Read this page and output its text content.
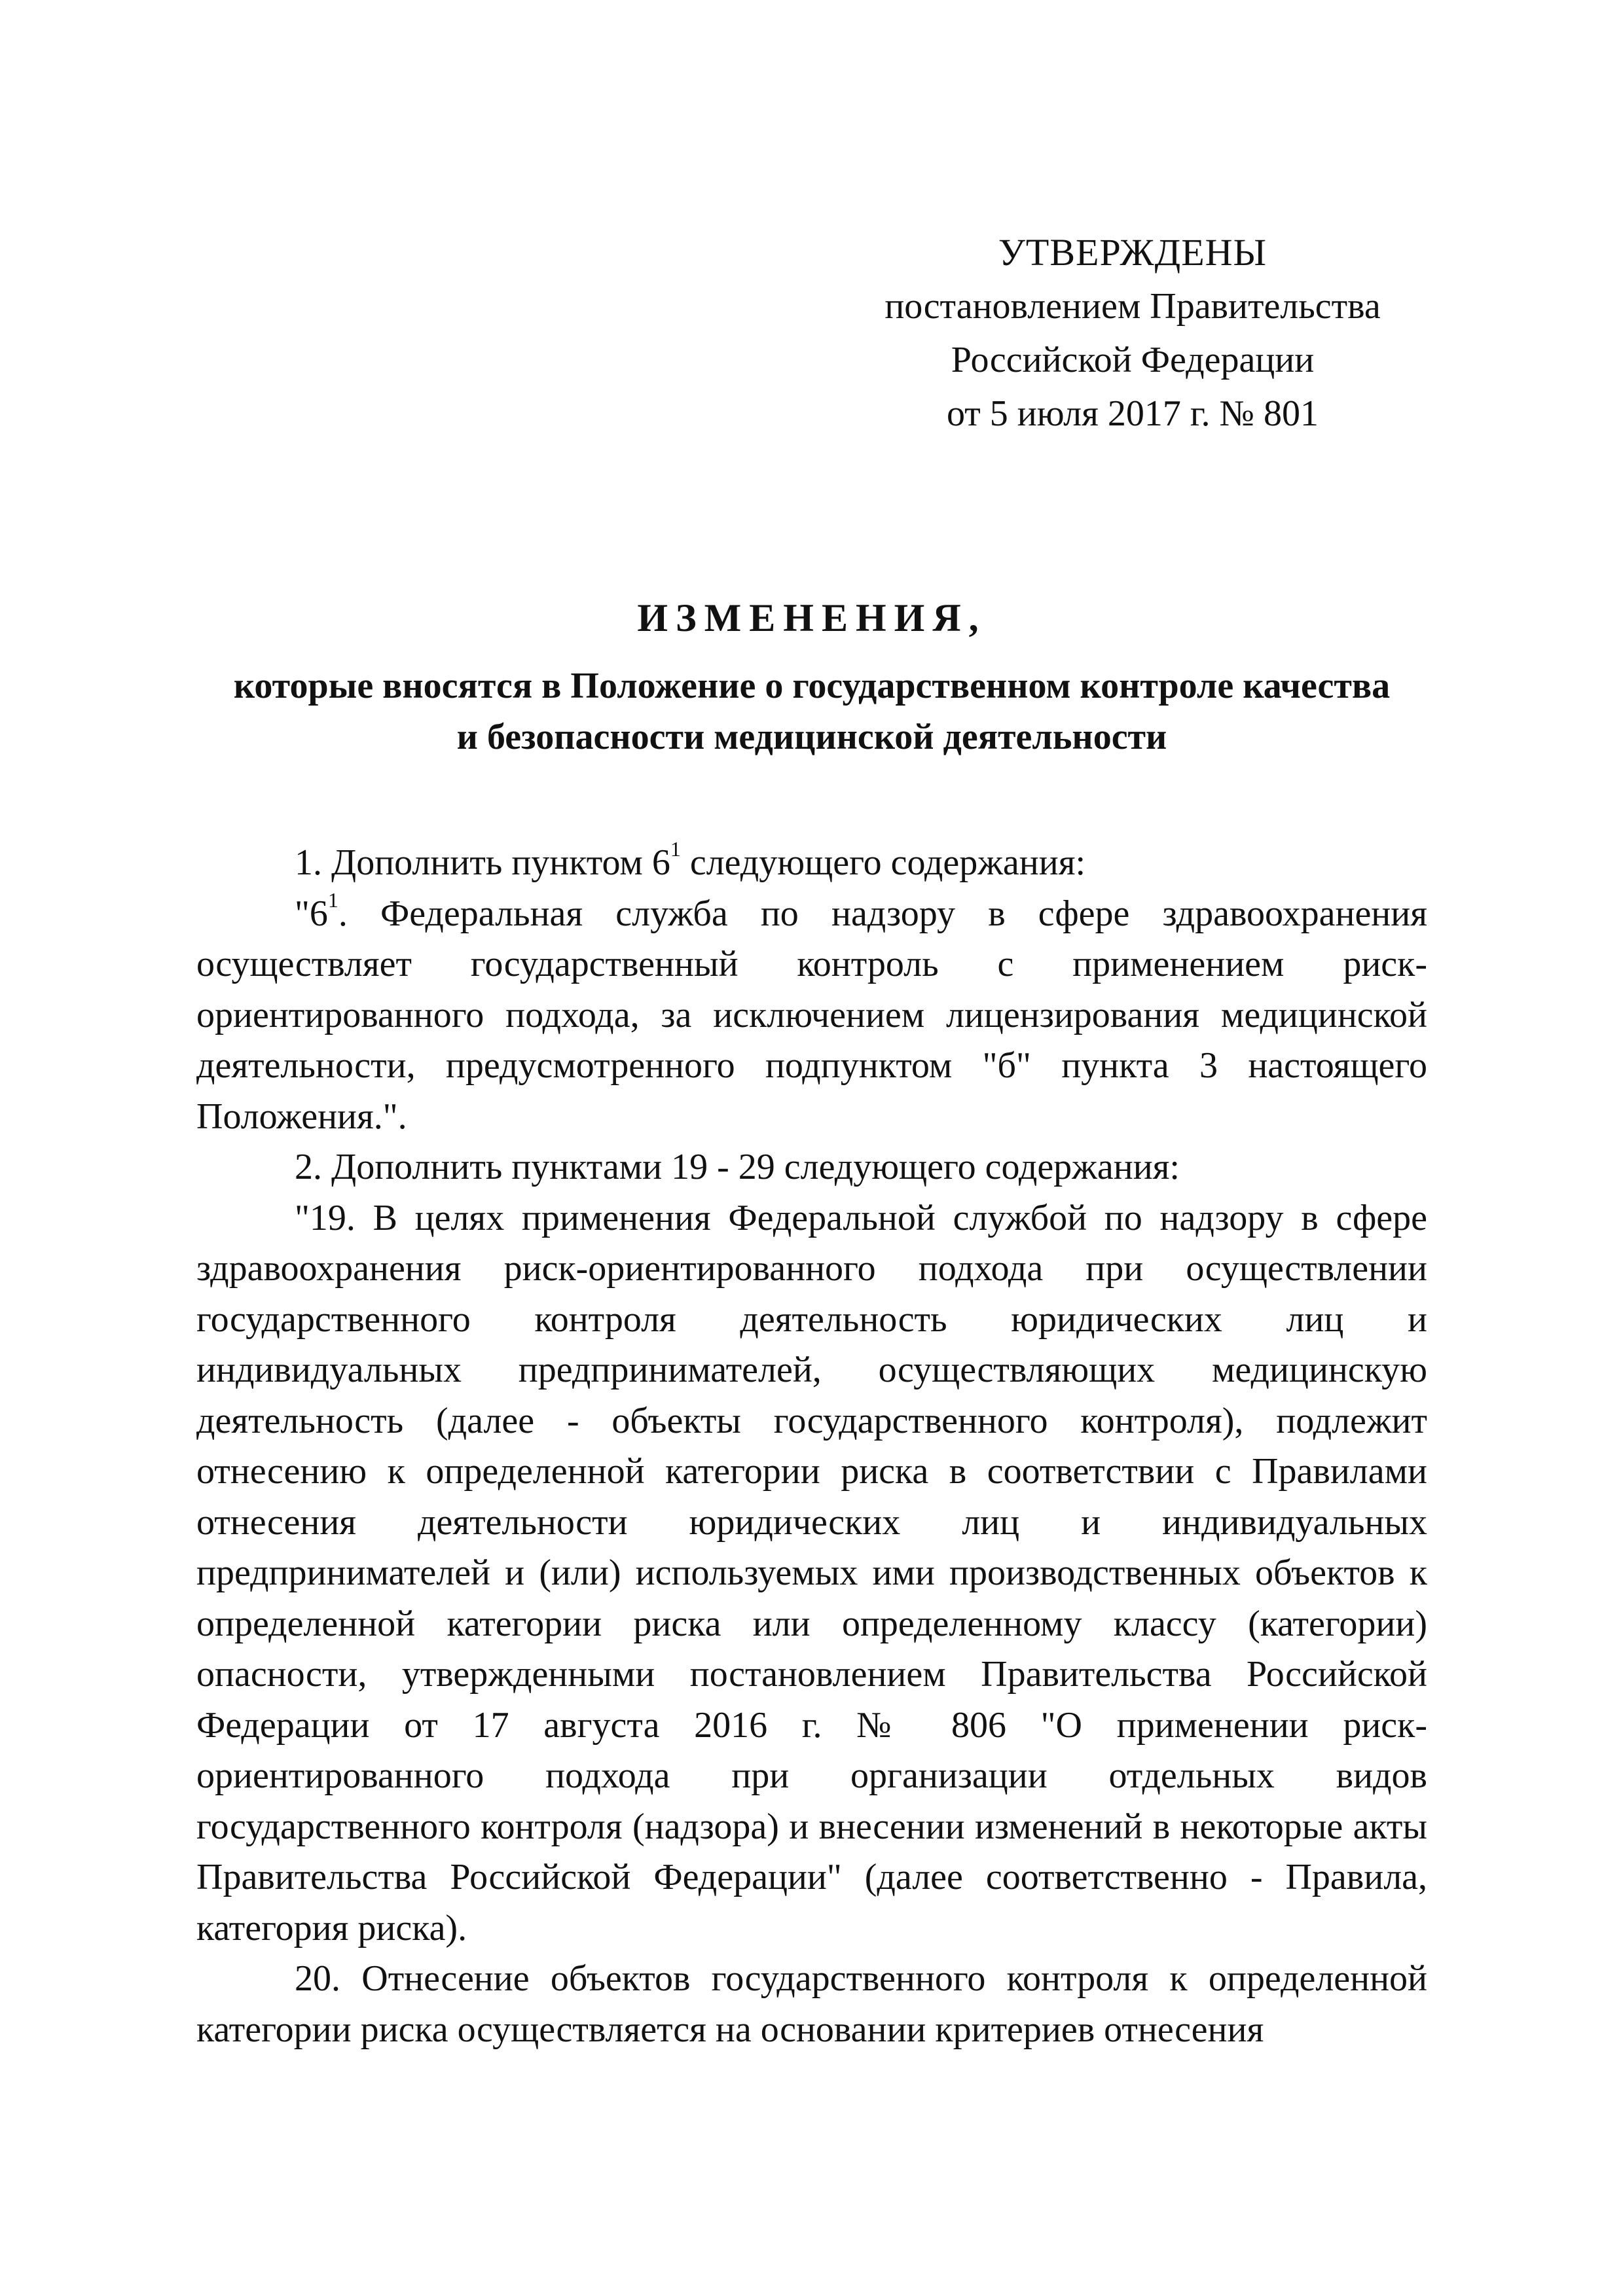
УТВЕРЖДЕНЫ
постановлением Правительства
Российской Федерации
от 5 июля 2017 г. № 801
ИЗМЕНЕНИЯ,
которые вносятся в Положение о государственном контроле качества
и безопасности медицинской деятельности

1. Дополнить пунктом $6^1$ следующего содержания:

"$6^1$. Федеральная служба по надзору в сфере здравоохранения осуществляет государственный контроль с применением риск-ориентированного подхода, за исключением лицензирования медицинской деятельности, предусмотренного подпунктом "б" пункта 3 настоящего Положения.".

2. Дополнить пунктами 19 - 29 следующего содержания:

"19. В целях применения Федеральной службой по надзору в сфере здравоохранения риск-ориентированного подхода при осуществлении государственного контроля деятельность юридических лиц и индивидуальных предпринимателей, осуществляющих медицинскую деятельность (далее - объекты государственного контроля), подлежит отнесению к определенной категории риска в соответствии с Правилами отнесения деятельности юридических лиц и индивидуальных предпринимателей и (или) используемых ими производственных объектов к определенной категории риска или определенному классу (категории) опасности, утвержденными постановлением Правительства Российской Федерации от 17 августа 2016 г. № 806 "О применении риск-ориентированного подхода при организации отдельных видов государственного контроля (надзора) и внесении изменений в некоторые акты Правительства Российской Федерации" (далее соответственно - Правила, категория риска).

20. Отнесение объектов государственного контроля к определенной категории риска осуществляется на основании критериев отнесения
